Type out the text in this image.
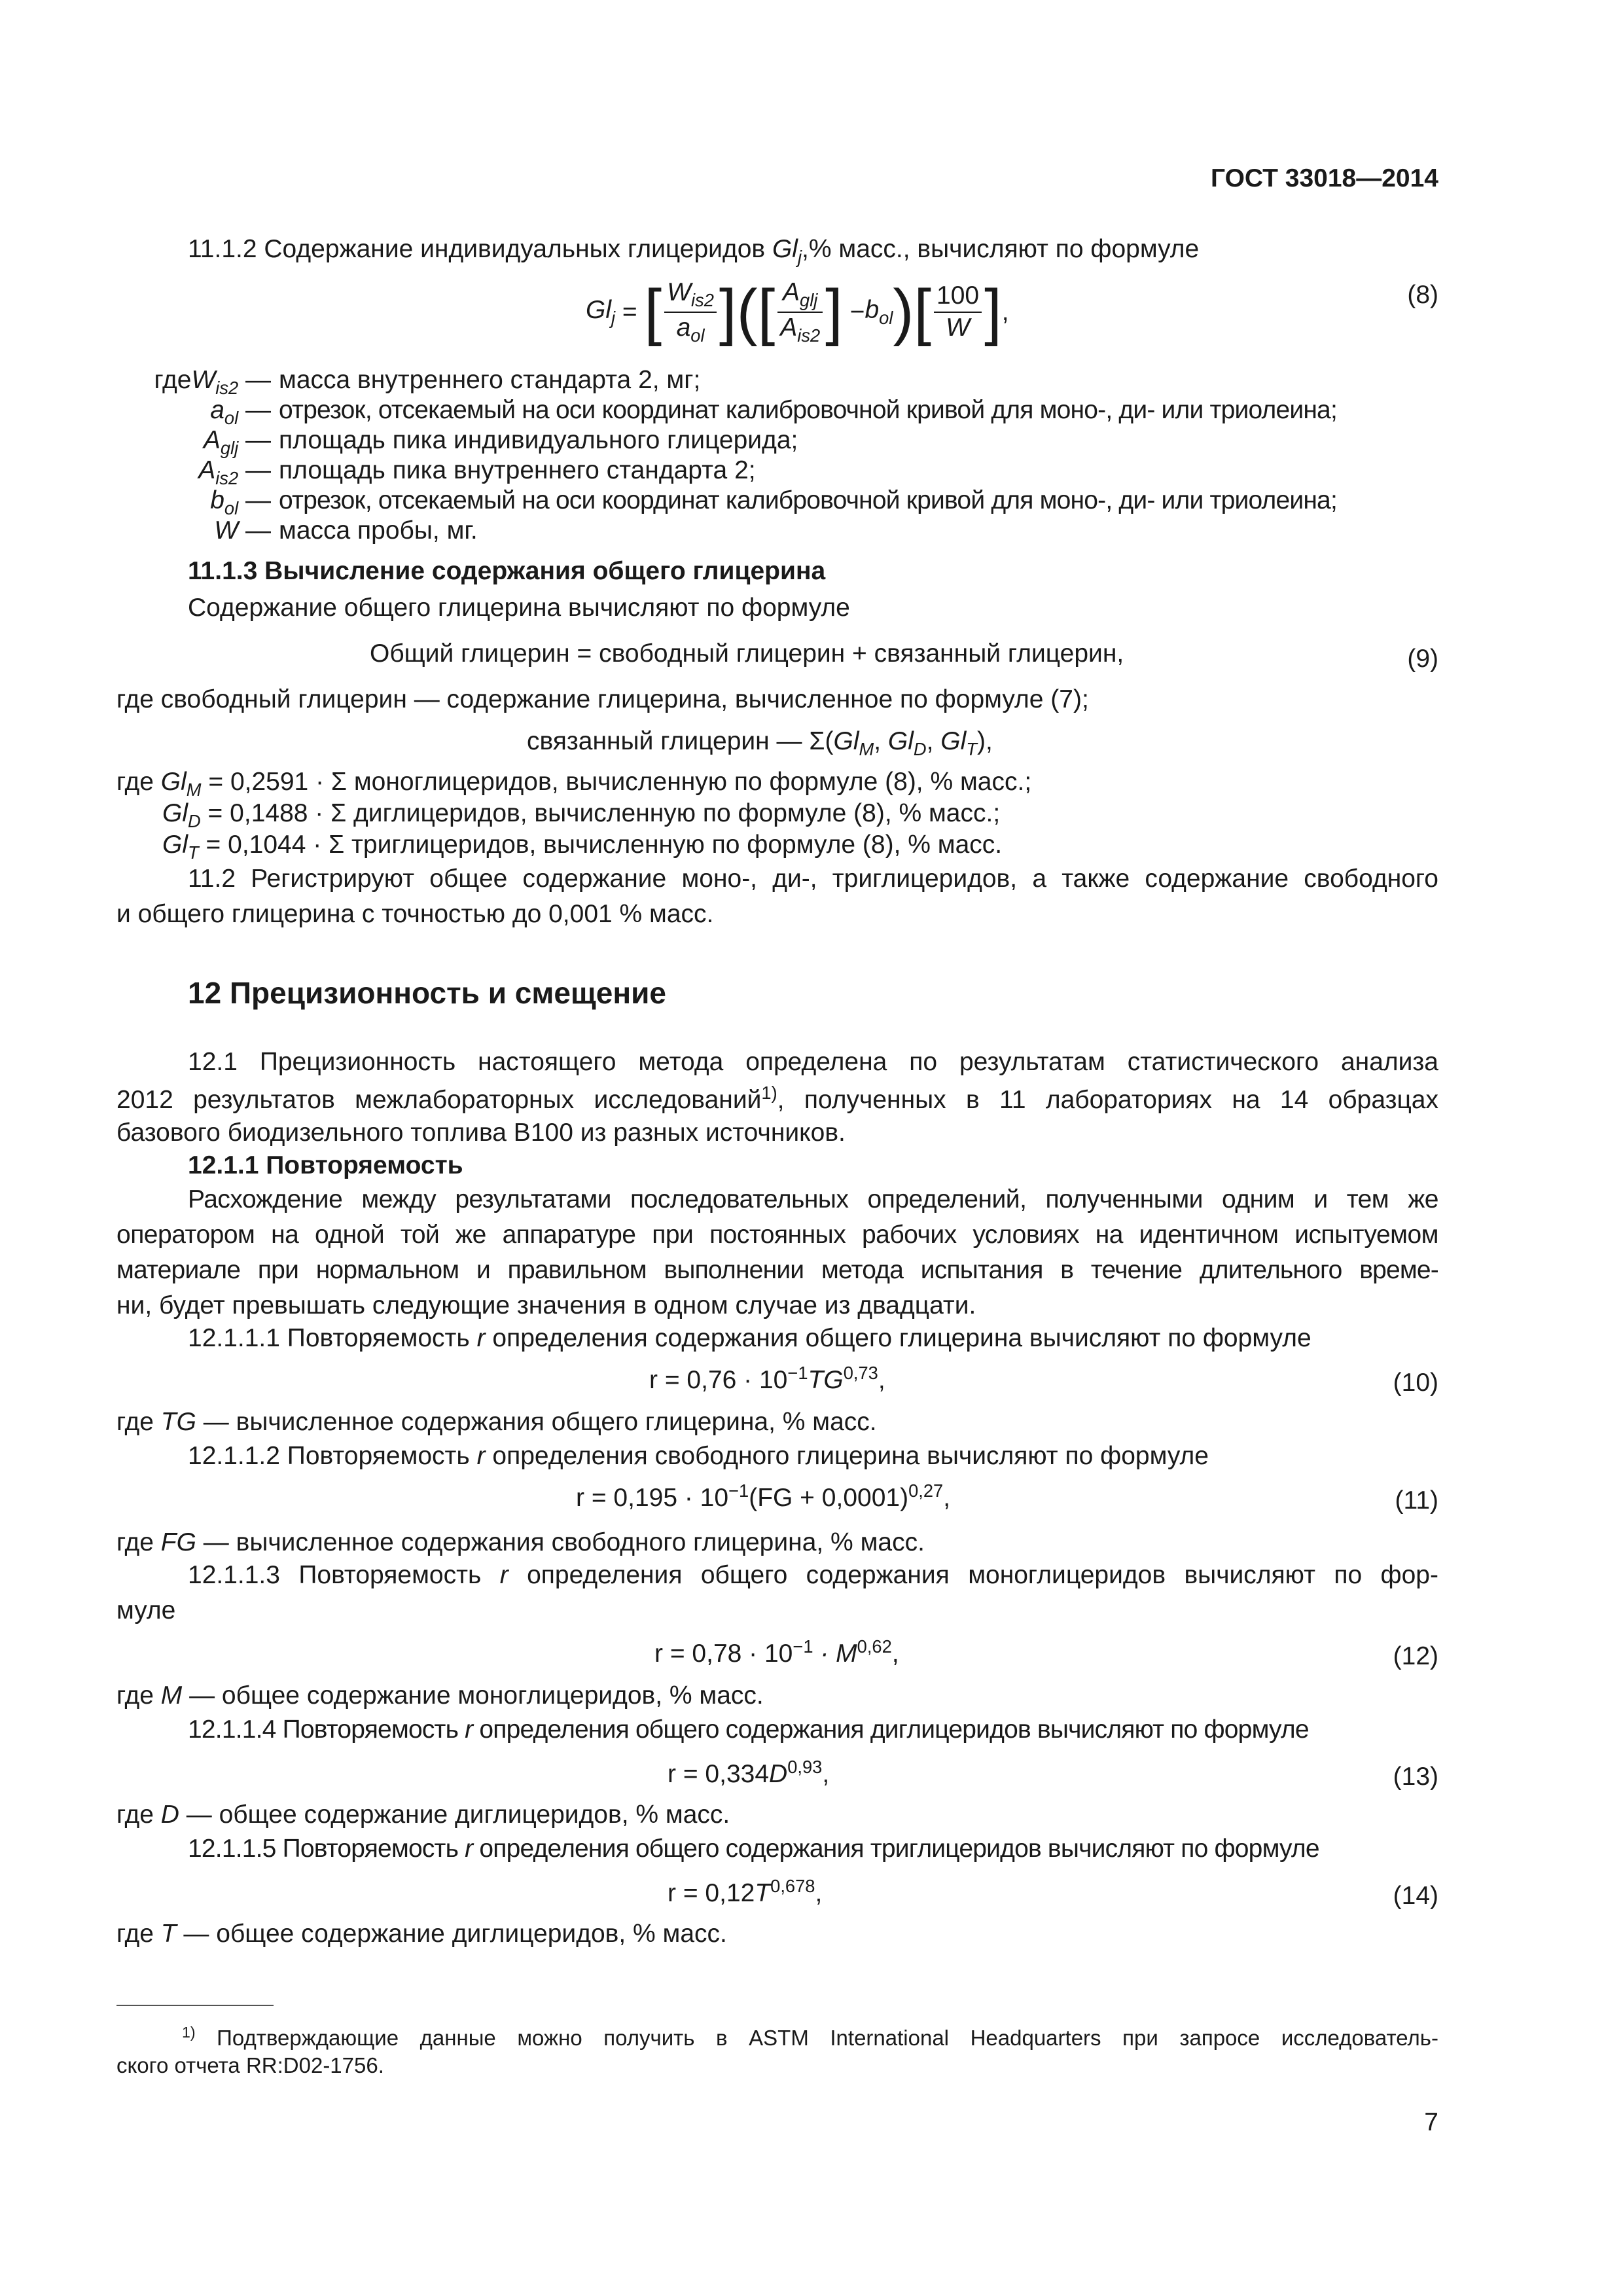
ГОСТ 33018—2014
11.1.2 Содержание индивидуальных глицеридов $Gl_j,\%$ масс., вычисляют по формуле
$Gl_j$ = [ $\frac{W_{is2}}{a_{ol}}$ ] ( [ $\frac{A_{glj}}{A_{is2}}$ ] − $b_{ol}$ ) [ $\frac{100}{W}$ ] ,
(8)
гдеW$_{is2}$ — масса внутреннего стандарта 2, мг;
$a_{ol}$ — отрезок, отсекаемый на оси координат калибровочной кривой для моно-, ди- или триолеина;
$A_{glj}$ — площадь пика индивидуального глицерида;
$A_{is2}$ — площадь пика внутреннего стандарта 2;
$b_{ol}$ — отрезок, отсекаемый на оси координат калибровочной кривой для моно-, ди- или триолеина;
W — масса пробы, мг.
11.1.3 Вычисление содержания общего глицерина
Содержание общего глицерина вычисляют по формуле
Общий глицерин = свободный глицерин + связанный глицерин,	(9)
где свободный глицерин — содержание глицерина, вычисленное по формуле (7);
связанный глицерин — $\Sigma(Gl_M$, $Gl_D$, $Gl_T$),
где $Gl_M = 0,2591 \cdot \Sigma$ моноглицеридов, вычисленную по формуле (8), % масс.;
$Gl_D = 0,1488 \cdot \Sigma$ диглицеридов, вычисленную по формуле (8), % масс.;
$Gl_T = 0,1044 \cdot \Sigma$ триглицеридов, вычисленную по формуле (8), % масс.
11.2 Регистрируют общее содержание моно-, ди-, триглицеридов, а также содержание свободного
и общего глицерина с точностью до 0,001 % масс.
12 Прецизионность и смещение
12.1 Прецизионность настоящего метода определена по результатам статистического анализа
2012 результатов межлабораторных исследований$^{1)}$, полученных в 11 лабораториях на 14 образцах
базового биодизельного топлива В100 из разных источников.
12.1.1 Повторяемость
Расхождение между результатами последовательных определений, полученными одним и тем же
оператором на одной той же аппаратуре при постоянных рабочих условиях на идентичном испытуемом
материале при нормальном и правильном выполнении метода испытания в течение длительного време-
ни, будет превышать следующие значения в одном случае из двадцати.
12.1.1.1 Повторяемость r определения содержания общего глицерина вычисляют по формуле
$r = 0,76 \cdot 10^{-1}TG^{0,73}$,	(10)
где TG — вычисленное содержания общего глицерина, % масс.
12.1.1.2 Повторяемость r определения свободного глицерина вычисляют по формуле
$r = 0,195 \cdot 10^{-1}(FG + 0,0001)^{0,27}$,	(11)
где FG — вычисленное содержания свободного глицерина, % масс.
12.1.1.3 Повторяемость r определения общего содержания моноглицеридов вычисляют по фор-
муле
$r = 0,78 \cdot 10^{-1} \cdot M^{0,62}$,	(12)
где M — общее содержание моноглицеридов, % масс.
12.1.1.4 Повторяемость r определения общего содержания диглицеридов вычисляют по формуле
$r = 0,334D^{0,93}$,	(13)
где D — общее содержание диглицеридов, % масс.
12.1.1.5 Повторяемость r определения общего содержания триглицеридов вычисляют по формуле
$r = 0,12T^{0,678}$,	(14)
где T — общее содержание диглицеридов, % масс.
$^{1)}$ Подтверждающие данные можно получить в ASTM International Headquarters при запросе исследователь-
ского отчета RR:D02-1756.
7
